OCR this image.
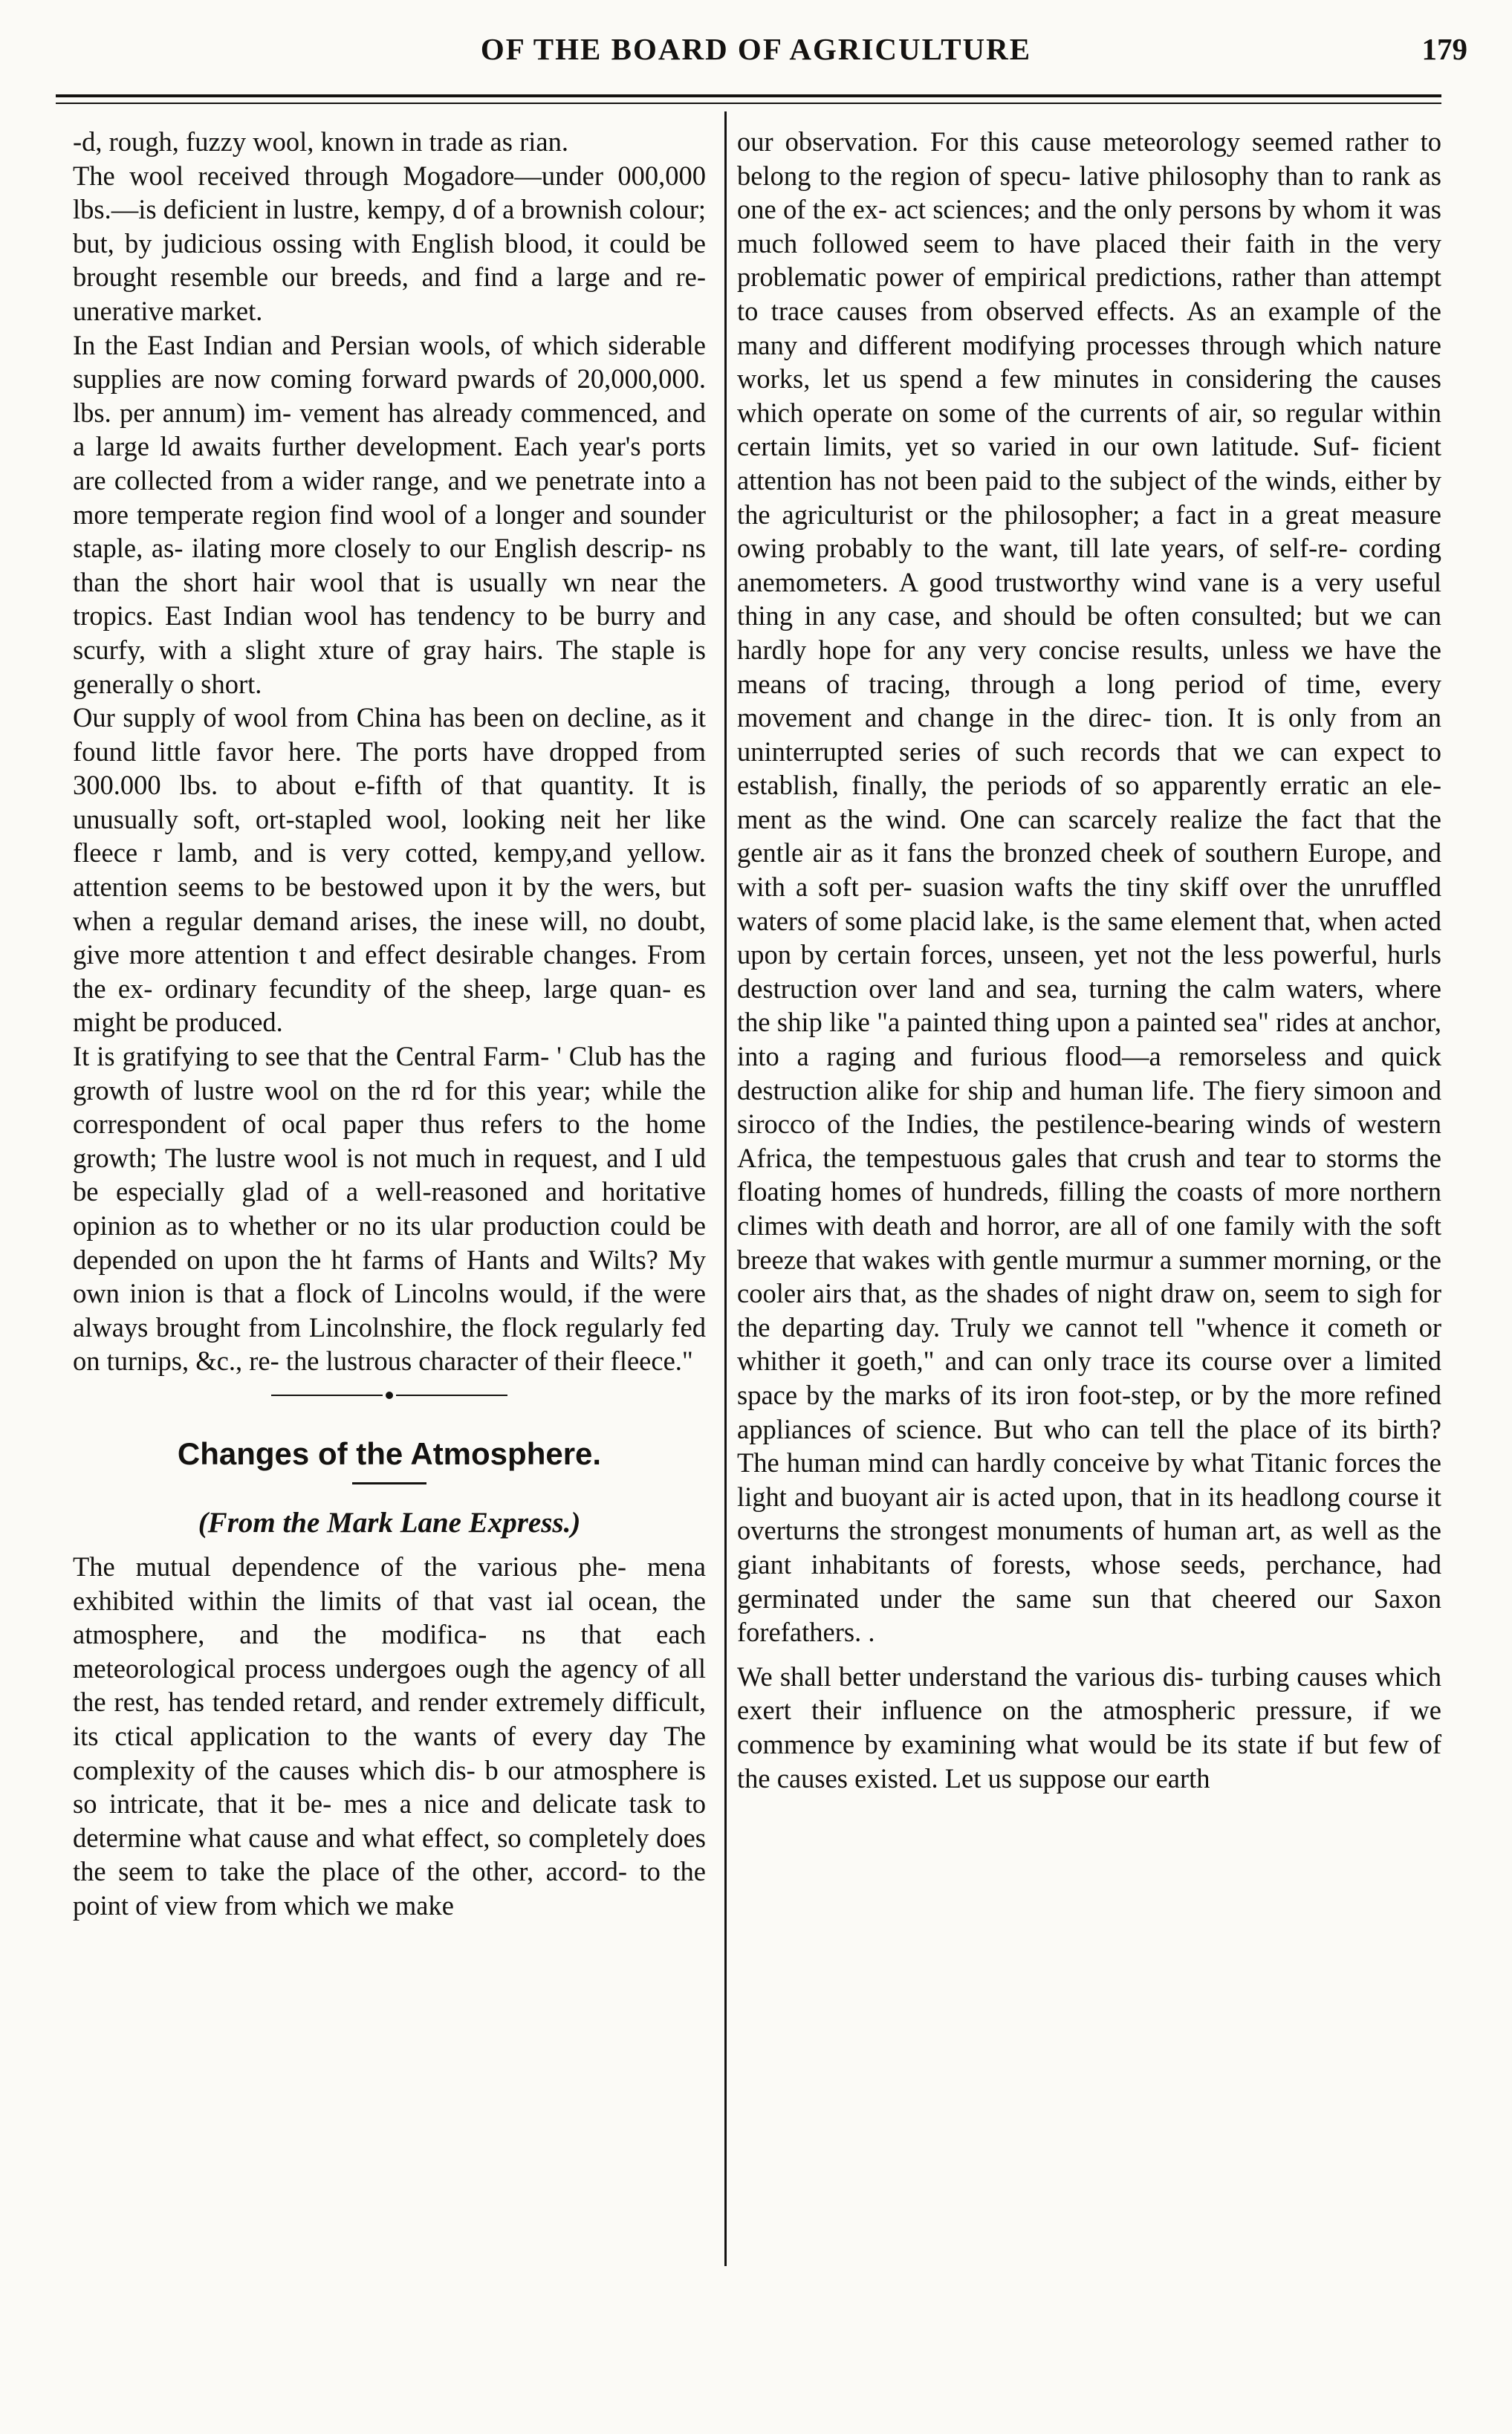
OF THE BOARD OF AGRICULTURE	179

-d, rough, fuzzy wool, known in trade as rian.

The wool received through Mogadore—under 000,000 lbs.—is deficient in lustre, kempy, d of a brownish colour; but, by judicious ossing with English blood, it could be brought resemble our breeds, and find a large and re- unerative market.

In the East Indian and Persian wools, of which siderable supplies are now coming forward pwards of 20,000,000. lbs. per annum) im- vement has already commenced, and a large ld awaits further development. Each year's ports are collected from a wider range, and we penetrate into a more temperate region find wool of a longer and sounder staple, as- ilating more closely to our English descrip- ns than the short hair wool that is usually wn near the tropics. East Indian wool has tendency to be burry and scurfy, with a slight xture of gray hairs. The staple is generally o short.

Our supply of wool from China has been on decline, as it found little favor here. The ports have dropped from 300.000 lbs. to about e-fifth of that quantity. It is unusually soft, ort-stapled wool, looking neit her like fleece r lamb, and is very cotted, kempy,and yellow. attention seems to be bestowed upon it by the wers, but when a regular demand arises, the inese will, no doubt, give more attention t and effect desirable changes. From the ex- ordinary fecundity of the sheep, large quan- es might be produced.

It is gratifying to see that the Central Farm- ' Club has the growth of lustre wool on the rd for this year; while the correspondent of ocal paper thus refers to the home growth; The lustre wool is not much in request, and I uld be especially glad of a well-reasoned and horitative opinion as to whether or no its ular production could be depended on upon the ht farms of Hants and Wilts? My own inion is that a flock of Lincolns would, if the were always brought from Lincolnshire, the flock regularly fed on turnips, &c., re- the lustrous character of their fleece."

Changes of the Atmosphere.
(From the Mark Lane Express.)

The mutual dependence of the various phe- mena exhibited within the limits of that vast ial ocean, the atmosphere, and the modifica- ns that each meteorological process undergoes ough the agency of all the rest, has tended retard, and render extremely difficult, its ctical application to the wants of every day The complexity of the causes which dis- b our atmosphere is so intricate, that it be- mes a nice and delicate task to determine what cause and what effect, so completely does the seem to take the place of the other, accord- to the point of view from which we make

our observation. For this cause meteorology seemed rather to belong to the region of specu- lative philosophy than to rank as one of the ex- act sciences; and the only persons by whom it was much followed seem to have placed their faith in the very problematic power of empirical predictions, rather than attempt to trace causes from observed effects. As an example of the many and different modifying processes through which nature works, let us spend a few minutes in considering the causes which operate on some of the currents of air, so regular within certain limits, yet so varied in our own latitude. Suf- ficient attention has not been paid to the subject of the winds, either by the agriculturist or the philosopher; a fact in a great measure owing probably to the want, till late years, of self-re- cording anemometers. A good trustworthy wind vane is a very useful thing in any case, and should be often consulted; but we can hardly hope for any very concise results, unless we have the means of tracing, through a long period of time, every movement and change in the direc- tion. It is only from an uninterrupted series of such records that we can expect to establish, finally, the periods of so apparently erratic an ele- ment as the wind. One can scarcely realize the fact that the gentle air as it fans the bronzed cheek of southern Europe, and with a soft per- suasion wafts the tiny skiff over the unruffled waters of some placid lake, is the same element that, when acted upon by certain forces, unseen, yet not the less powerful, hurls destruction over land and sea, turning the calm waters, where the ship like "a painted thing upon a painted sea" rides at anchor, into a raging and furious flood—a remorseless and quick destruction alike for ship and human life. The fiery simoon and sirocco of the Indies, the pestilence-bearing winds of western Africa, the tempestuous gales that crush and tear to storms the floating homes of hundreds, filling the coasts of more northern climes with death and horror, are all of one family with the soft breeze that wakes with gentle murmur a summer morning, or the cooler airs that, as the shades of night draw on, seem to sigh for the departing day. Truly we cannot tell "whence it cometh or whither it goeth," and can only trace its course over a limited space by the marks of its iron foot-step, or by the more refined appliances of science. But who can tell the place of its birth? The human mind can hardly conceive by what Titanic forces the light and buoyant air is acted upon, that in its headlong course it overturns the strongest monuments of human art, as well as the giant inhabitants of forests, whose seeds, perchance, had germinated under the same sun that cheered our Saxon forefathers. .

We shall better understand the various dis- turbing causes which exert their influence on the atmospheric pressure, if we commence by examining what would be its state if but few of the causes existed. Let us suppose our earth
